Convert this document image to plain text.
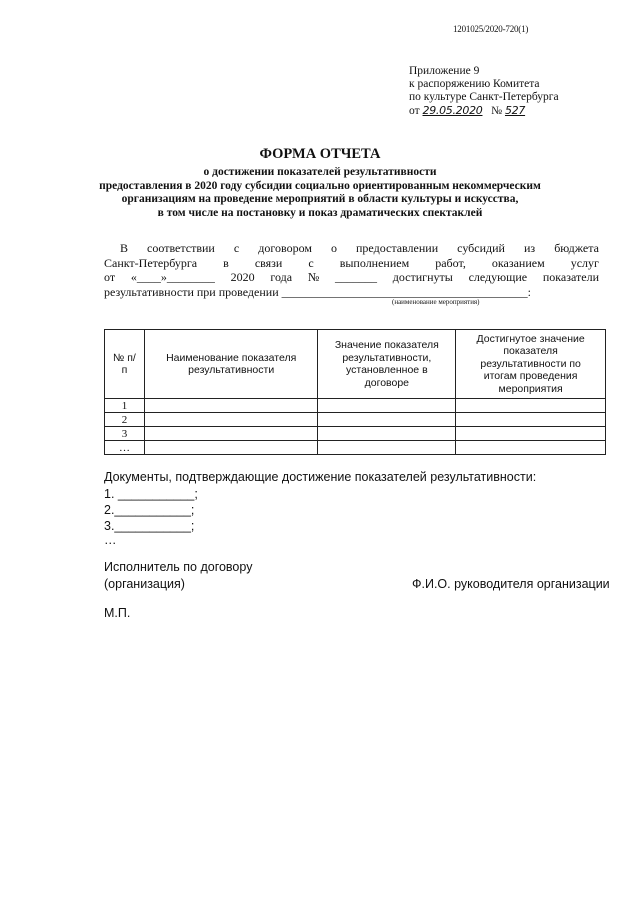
1201025/2020-720(1)
Приложение 9
к распоряжению Комитета
по культуре Санкт-Петербурга
от 29.05.2020 № 527
ФОРМА ОТЧЕТА
о достижении показателей результативности
предоставления в 2020 году субсидии социально ориентированным некоммерческим
организациям на проведение мероприятий в области культуры и искусства,
в том числе на постановку и показ драматических спектаклей
В соответствии с договором о предоставлении субсидий из бюджета
Санкт-Петербурга в связи с выполнением работ, оказанием услуг
от «____»________ 2020 года № _______ достигнуты следующие показатели
результативности при проведении _________________________________________:
(наименование мероприятия)
№ п/п	Наименование показателя результативности	Значение показателя результативности, установленное в договоре	Достигнутое значение показателя результативности по итогам проведения мероприятия
1			
2			
3			
…			
Документы, подтверждающие достижение показателей результативности:
1. ___________;
2.___________;
3.___________;
…
Исполнитель по договору
(организация)	Ф.И.О. руководителя организации
М.П.
